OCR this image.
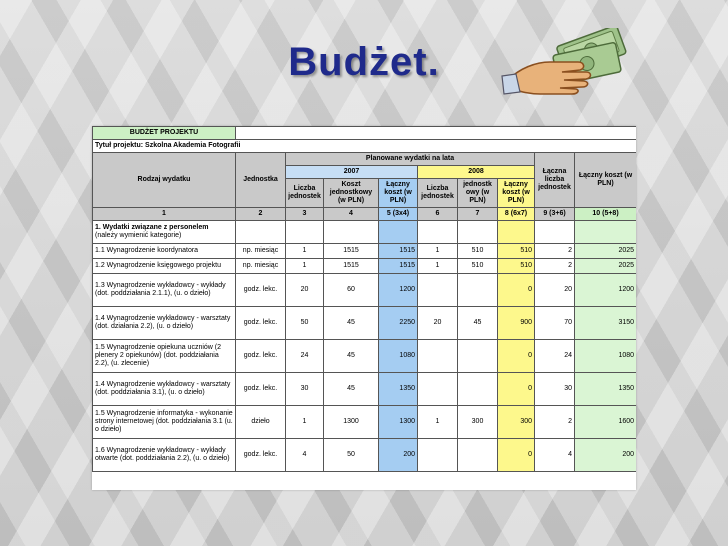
Budżet.
BUDŻET PROJEKTU									
Tytuł projektu: Szkolna Akademia Fotografii									
Rodzaj wydatku	Jednostka	Planowane wydatki na lata						Łączna liczba jednostek	Łączny koszt (w PLN)
		2007			2008				
		Liczba jednostek	Koszt jednostkowy (w PLN)	Łączny koszt (w PLN)	Liczba jednostek	jednostk owy (w PLN)	Łączny koszt (w PLN)		
1	2	3	4	5 (3x4)	6	7	8 (6x7)	9 (3+6)	10 (5+8)
1. Wydatki związane z personelem
(należy wymienić kategorie)									
1.1 Wynagrodzenie koordynatora	np. miesiąc	1	1515	1515	1	510	510	2	2025
1.2 Wynagrodzenie księgowego projektu	np. miesiąc	1	1515	1515	1	510	510	2	2025
1.3 Wynagrodzenie wykładowcy - wykłady (dot. poddziałania 2.1.1), (u. o dzieło)	godz. lekc.	20	60	1200			0	20	1200
1.4 Wynagrodzenie wykładowcy - warsztaty (dot. działania 2.2), (u. o dzieło)	godz. lekc.	50	45	2250	20	45	900	70	3150
1.5 Wynagrodzenie opiekuna uczniów (2 plenery 2 opiekunów) (dot. poddziałania 2.2), (u. zlecenie)	godz. lekc.	24	45	1080			0	24	1080
1.4 Wynagrodzenie wykładowcy - warsztaty (dot. poddziałania 3.1), (u. o dzieło)	godz. lekc.	30	45	1350			0	30	1350
1.5 Wynagrodzenie informatyka - wykonanie strony internetowej (dot. poddziałania 3.1 (u. o dzieło)	dzieło	1	1300	1300	1	300	300	2	1600
1.6 Wynagrodzenie wykładowcy - wykłady otwarte (dot. poddziałania 2.2), (u. o dzieło)	godz. lekc.	4	50	200			0	4	200
